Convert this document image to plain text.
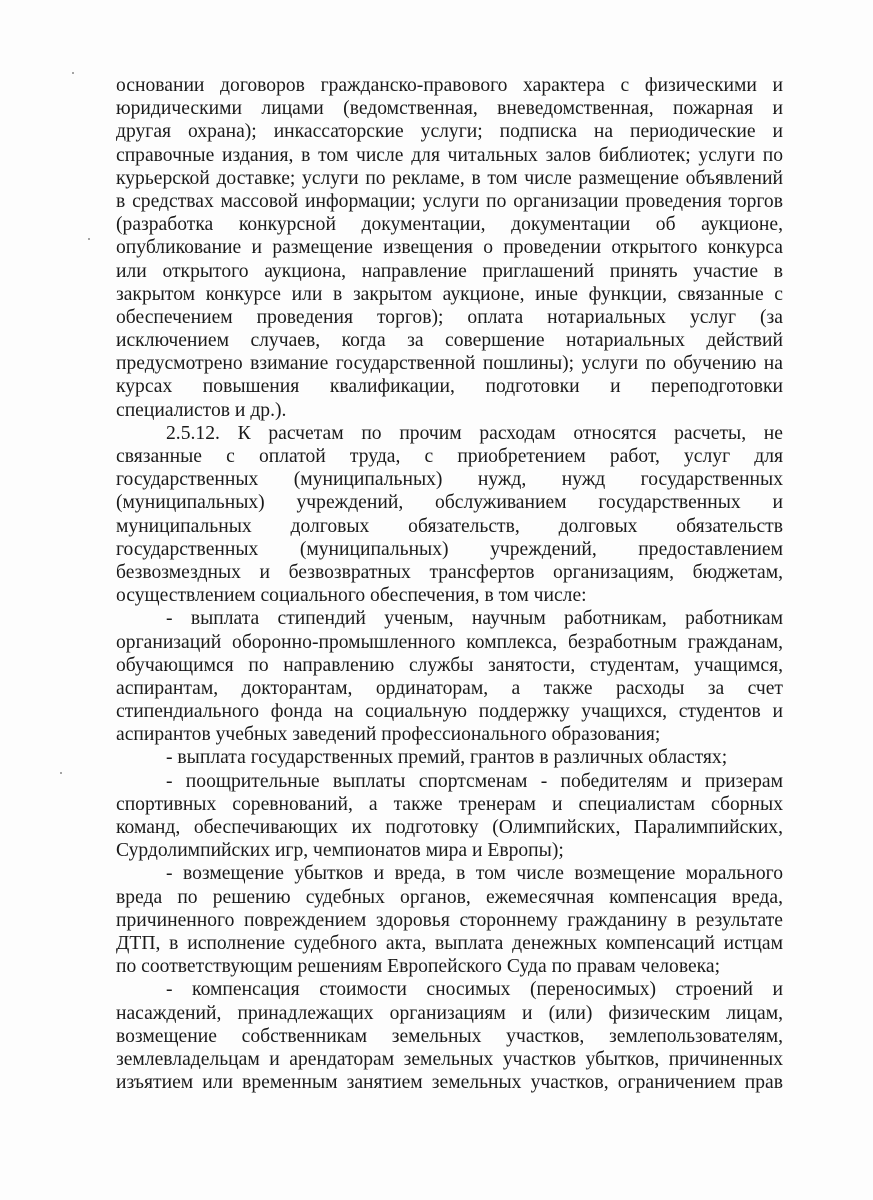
основании договоров гражданско-правового характера с физическими и
юридическими лицами (ведомственная, вневедомственная, пожарная и
другая охрана); инкассаторские услуги; подписка на периодические и
справочные издания, в том числе для читальных залов библиотек; услуги по
курьерской доставке; услуги по рекламе, в том числе размещение объявлений
в средствах массовой информации; услуги по организации проведения торгов
(разработка конкурсной документации, документации об аукционе,
опубликование и размещение извещения о проведении открытого конкурса
или открытого аукциона, направление приглашений принять участие в
закрытом конкурсе или в закрытом аукционе, иные функции, связанные с
обеспечением проведения торгов); оплата нотариальных услуг (за
исключением случаев, когда за совершение нотариальных действий
предусмотрено взимание государственной пошлины); услуги по обучению на
курсах повышения квалификации, подготовки и переподготовки
специалистов и др.).
2.5.12. К расчетам по прочим расходам относятся расчеты, не
связанные с оплатой труда, с приобретением работ, услуг для
государственных (муниципальных) нужд, нужд государственных
(муниципальных) учреждений, обслуживанием государственных и
муниципальных долговых обязательств, долговых обязательств
государственных (муниципальных) учреждений, предоставлением
безвозмездных и безвозвратных трансфертов организациям, бюджетам,
осуществлением социального обеспечения, в том числе:
- выплата стипендий ученым, научным работникам, работникам
организаций оборонно-промышленного комплекса, безработным гражданам,
обучающимся по направлению службы занятости, студентам, учащимся,
аспирантам, докторантам, ординаторам, а также расходы за счет
стипендиального фонда на социальную поддержку учащихся, студентов и
аспирантов учебных заведений профессионального образования;
- выплата государственных премий, грантов в различных областях;
- поощрительные выплаты спортсменам - победителям и призерам
спортивных соревнований, а также тренерам и специалистам сборных
команд, обеспечивающих их подготовку (Олимпийских, Паралимпийских,
Сурдолимпийских игр, чемпионатов мира и Европы);
- возмещение убытков и вреда, в том числе возмещение морального
вреда по решению судебных органов, ежемесячная компенсация вреда,
причиненного повреждением здоровья стороннему гражданину в результате
ДТП, в исполнение судебного акта, выплата денежных компенсаций истцам
по соответствующим решениям Европейского Суда по правам человека;
- компенсация стоимости сносимых (переносимых) строений и
насаждений, принадлежащих организациям и (или) физическим лицам,
возмещение собственникам земельных участков, землепользователям,
землевладельцам и арендаторам земельных участков убытков, причиненных
изъятием или временным занятием земельных участков, ограничением прав
